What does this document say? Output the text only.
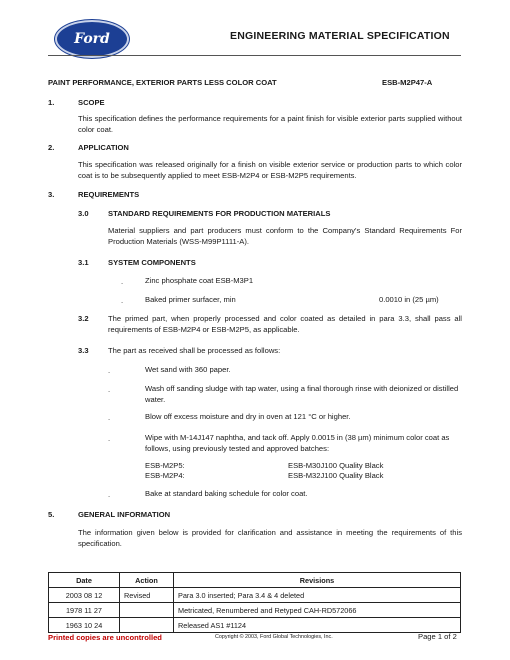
Ford	ENGINEERING MATERIAL SPECIFICATION
PAINT PERFORMANCE, EXTERIOR PARTS LESS COLOR COAT	ESB-M2P47-A
1.	SCOPE
This specification defines the performance requirements for a paint finish for visible exterior parts supplied without color coat.
2.	APPLICATION
This specification was released originally for a finish on visible exterior service or production parts to which color coat is to be subsequently applied to meet ESB-M2P4 or ESB-M2P5 requirements.
3.	REQUIREMENTS
3.0	STANDARD REQUIREMENTS FOR PRODUCTION MATERIALS
Material suppliers and part producers must conform to the Company's Standard Requirements For Production Materials (WSS-M99P1111-A).
3.1	SYSTEM COMPONENTS
.	Zinc phosphate coat ESB-M3P1
.	Baked primer surfacer, min	0.0010 in (25 µm)
3.2	The primed part, when properly processed and color coated as detailed in para 3.3, shall pass all requirements of ESB-M2P4 or ESB-M2P5, as applicable.
3.3	The part as received shall be processed as follows:
.	Wet sand with 360 paper.
.	Wash off sanding sludge with tap water, using a final thorough rinse with deionized or distilled water.
.	Blow off excess moisture and dry in oven at 121 °C or higher.
.	Wipe with M-14J147 naphtha, and tack off. Apply 0.0015 in (38 µm) minimum color coat as follows, using previously tested and approved batches:
ESB-M2P5:	ESB-M30J100 Quality Black
ESB-M2P4:	ESB-M32J100 Quality Black
.	Bake at standard baking schedule for color coat.
5.	GENERAL INFORMATION
The information given below is provided for clarification and assistance in meeting the requirements of this specification.
Date	Action	Revisions
2003 08 12	Revised	Para 3.0 inserted; Para 3.4 & 4 deleted
1978 11 27		Metricated, Renumbered and Retyped CAH-RD572066
1963 10 24		Released AS1 #1124
Printed copies are uncontrolled	Copyright © 2003, Ford Global Technologies, Inc.	Page 1 of 2
